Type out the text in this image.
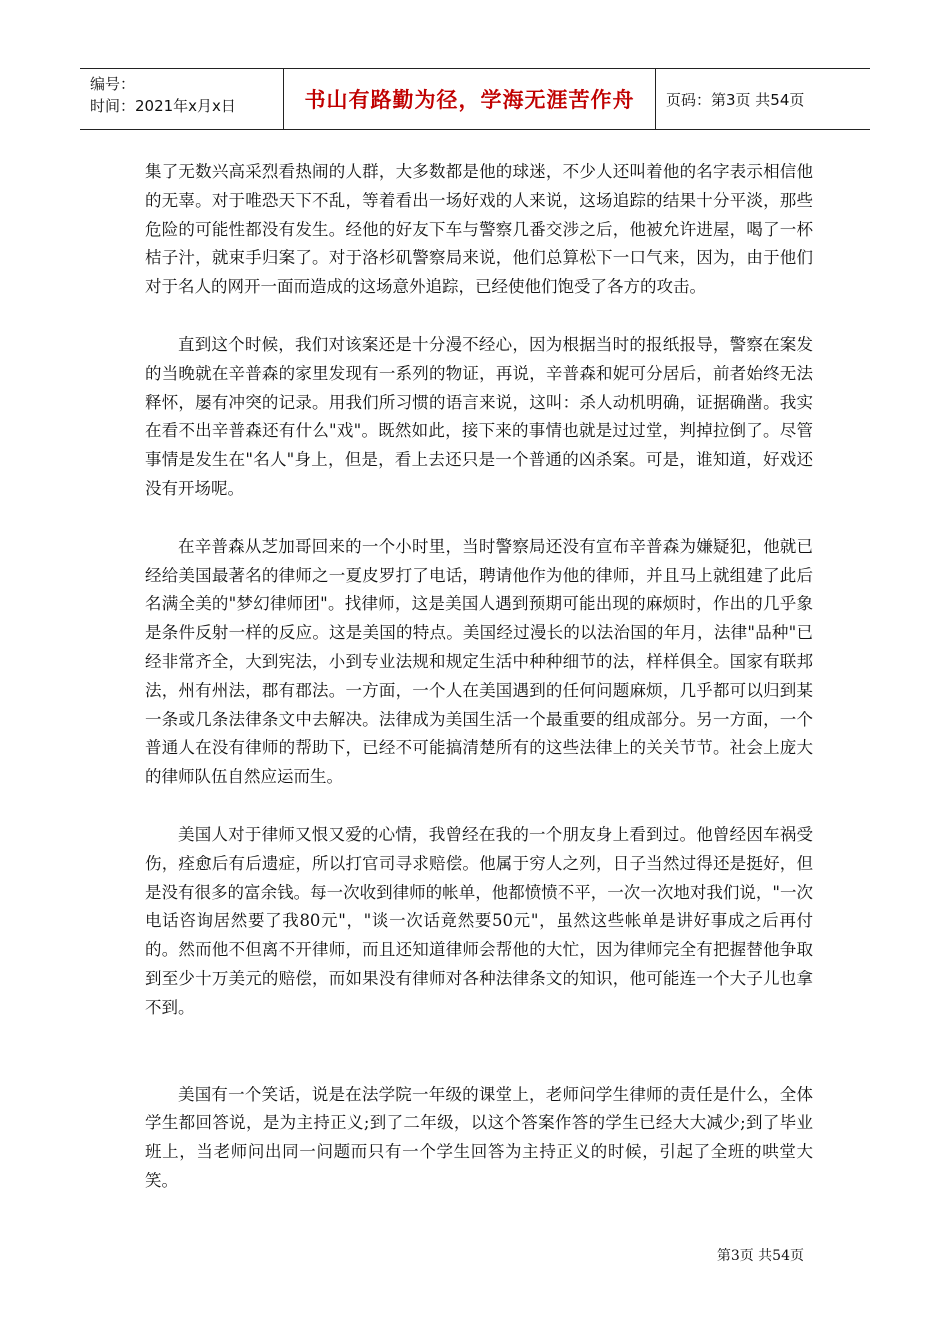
编号：
时间：2021年x月x日	书山有路勤为径，学海无涯苦作舟	页码：第3页 共54页

集了无数兴高采烈看热闹的人群，大多数都是他的球迷，不少人还叫着他的名字表示相信他的无辜。对于唯恐天下不乱，等着看出一场好戏的人来说，这场追踪的结果十分平淡，那些危险的可能性都没有发生。经他的好友下车与警察几番交涉之后，他被允许进屋，喝了一杯桔子汁，就束手归案了。对于洛杉矶警察局来说，他们总算松下一口气来，因为，由于他们对于名人的网开一面而造成的这场意外追踪，已经使他们饱受了各方的攻击。

直到这个时候，我们对该案还是十分漫不经心，因为根据当时的报纸报导，警察在案发的当晚就在辛普森的家里发现有一系列的物证，再说，辛普森和妮可分居后，前者始终无法释怀，屡有冲突的记录。用我们所习惯的语言来说，这叫：杀人动机明确，证据确凿。我实在看不出辛普森还有什么"戏"。既然如此，接下来的事情也就是过过堂，判掉拉倒了。尽管事情是发生在"名人"身上，但是，看上去还只是一个普通的凶杀案。可是，谁知道，好戏还没有开场呢。

在辛普森从芝加哥回来的一个小时里，当时警察局还没有宣布辛普森为嫌疑犯，他就已经给美国最著名的律师之一夏皮罗打了电话，聘请他作为他的律师，并且马上就组建了此后名满全美的"梦幻律师团"。找律师，这是美国人遇到预期可能出现的麻烦时，作出的几乎象是条件反射一样的反应。这是美国的特点。美国经过漫长的以法治国的年月，法律"品种"已经非常齐全，大到宪法，小到专业法规和规定生活中种种细节的法，样样俱全。国家有联邦法，州有州法，郡有郡法。一方面，一个人在美国遇到的任何问题麻烦，几乎都可以归到某一条或几条法律条文中去解决。法律成为美国生活一个最重要的组成部分。另一方面，一个普通人在没有律师的帮助下，已经不可能搞清楚所有的这些法律上的关关节节。社会上庞大的律师队伍自然应运而生。

美国人对于律师又恨又爱的心情，我曾经在我的一个朋友身上看到过。他曾经因车祸受伤，痊愈后有后遗症，所以打官司寻求赔偿。他属于穷人之列，日子当然过得还是挺好，但是没有很多的富余钱。每一次收到律师的帐单，他都愤愤不平，一次一次地对我们说，"一次电话咨询居然要了我80元"，"谈一次话竟然要50元"，虽然这些帐单是讲好事成之后再付的。然而他不但离不开律师，而且还知道律师会帮他的大忙，因为律师完全有把握替他争取到至少十万美元的赔偿，而如果没有律师对各种法律条文的知识，他可能连一个大子儿也拿不到。

美国有一个笑话，说是在法学院一年级的课堂上，老师问学生律师的责任是什么，全体学生都回答说，是为主持正义;到了二年级，以这个答案作答的学生已经大大减少;到了毕业班上，当老师问出同一问题而只有一个学生回答为主持正义的时候，引起了全班的哄堂大笑。

第3页 共54页
